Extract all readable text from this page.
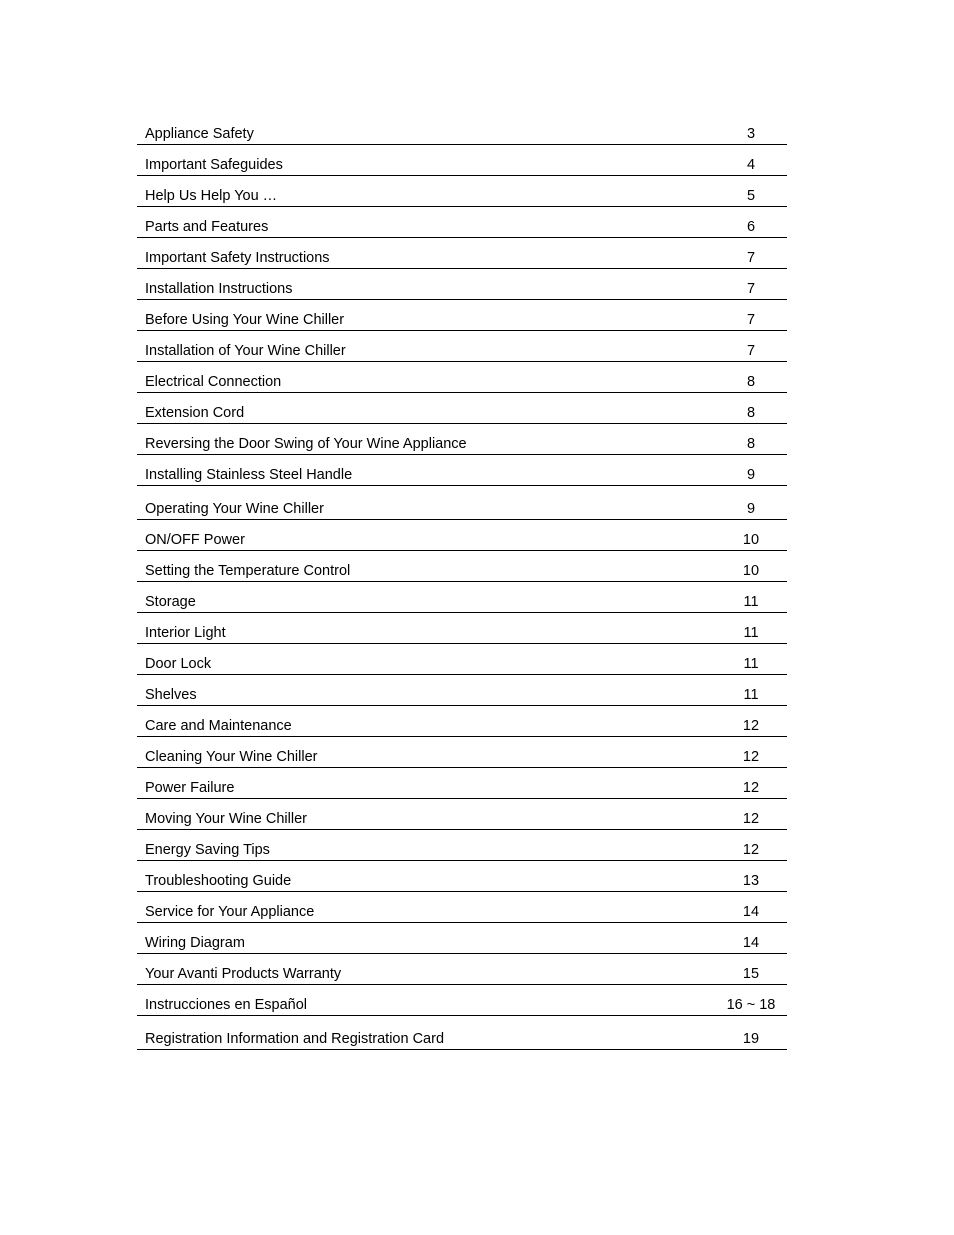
Appliance Safety	3
Important Safeguides	4
Help Us Help You …	5
Parts and Features	6
Important Safety Instructions	7
Installation Instructions	7
Before Using Your Wine Chiller	7
Installation of Your Wine Chiller	7
Electrical Connection	8
Extension Cord	8
Reversing the Door Swing of Your Wine Appliance	8
Installing Stainless Steel Handle	9
Operating Your Wine Chiller	9
ON/OFF Power	10
Setting the Temperature Control	10
Storage	11
Interior Light	11
Door Lock	11
Shelves	11
Care and Maintenance	12
Cleaning Your Wine Chiller	12
Power Failure	12
Moving Your Wine Chiller	12
Energy Saving Tips	12
Troubleshooting Guide	13
Service for Your Appliance	14
Wiring Diagram	14
Your Avanti Products Warranty	15
Instrucciones en Español	16 ~ 18
Registration Information and Registration Card	19
